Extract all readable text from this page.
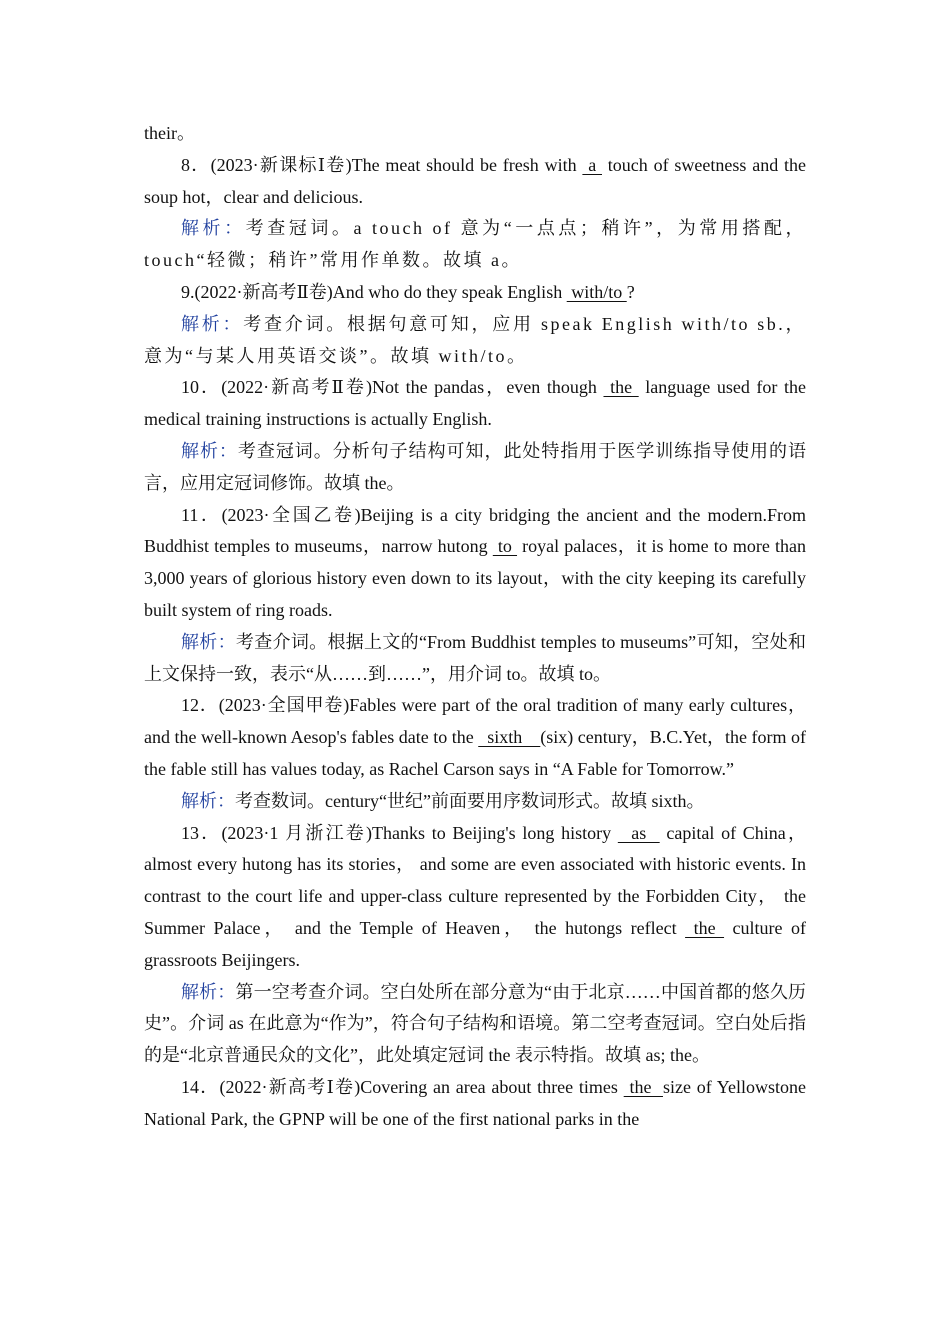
their。

8．(2023·新课标Ⅰ卷)The meat should be fresh with  a  touch of sweetness and the soup hot，clear and delicious.

解析：考查冠词。a touch of 意为“一点点；稍许”，为常用搭配，touch“轻微；稍许”常用作单数。故填 a。

9.(2022·新高考Ⅱ卷)And who do they speak English  with/to ?

解析：考查介词。根据句意可知，应用 speak English with/to sb.，意为“与某人用英语交谈”。故填 with/to。

10．(2022·新高考Ⅱ卷)Not the pandas，even though  the  language used for the medical training instructions is actually English.

解析：考查冠词。分析句子结构可知，此处特指用于医学训练指导使用的语言，应用定冠词修饰。故填 the。

11．(2023·全国乙卷)Beijing is a city bridging the ancient and the modern.From Buddhist temples to museums，narrow hutong  to  royal palaces，it is home to more than 3,000 years of glorious history even down to its layout，with the city keeping its carefully built system of ring roads.

解析：考查介词。根据上文的“From Buddhist temples to museums”可知，空处和上文保持一致，表示“从……到……”，用介词 to。故填 to。

12．(2023·全国甲卷)Fables were part of the oral tradition of many early cultures， and the well-known Aesop's fables date to the   sixth    (six) century，B.C.Yet，the form of the fable still has values today, as Rachel Carson says in “A Fable for Tomorrow.”

解析：考查数词。century“世纪”前面要用序数词形式。故填 sixth。

13．(2023·1 月浙江卷)Thanks to Beijing's long history   as   capital of China， almost every hutong has its stories， and some are even associated with historic events. In contrast to the court life and upper-class culture represented by the Forbidden City， the Summer Palace， and the Temple of Heaven， the hutongs reflect  the  culture of grassroots Beijingers.

解析：第一空考查介词。空白处所在部分意为“由于北京……中国首都的悠久历史”。介词 as 在此意为“作为”，符合句子结构和语境。第二空考查冠词。空白处后指的是“北京普通民众的文化”，此处填定冠词 the 表示特指。故填 as; the。

14．(2022·新高考Ⅰ卷)Covering an area about three times  the  size of Yellowstone National Park, the GPNP will be one of the first national parks in the
